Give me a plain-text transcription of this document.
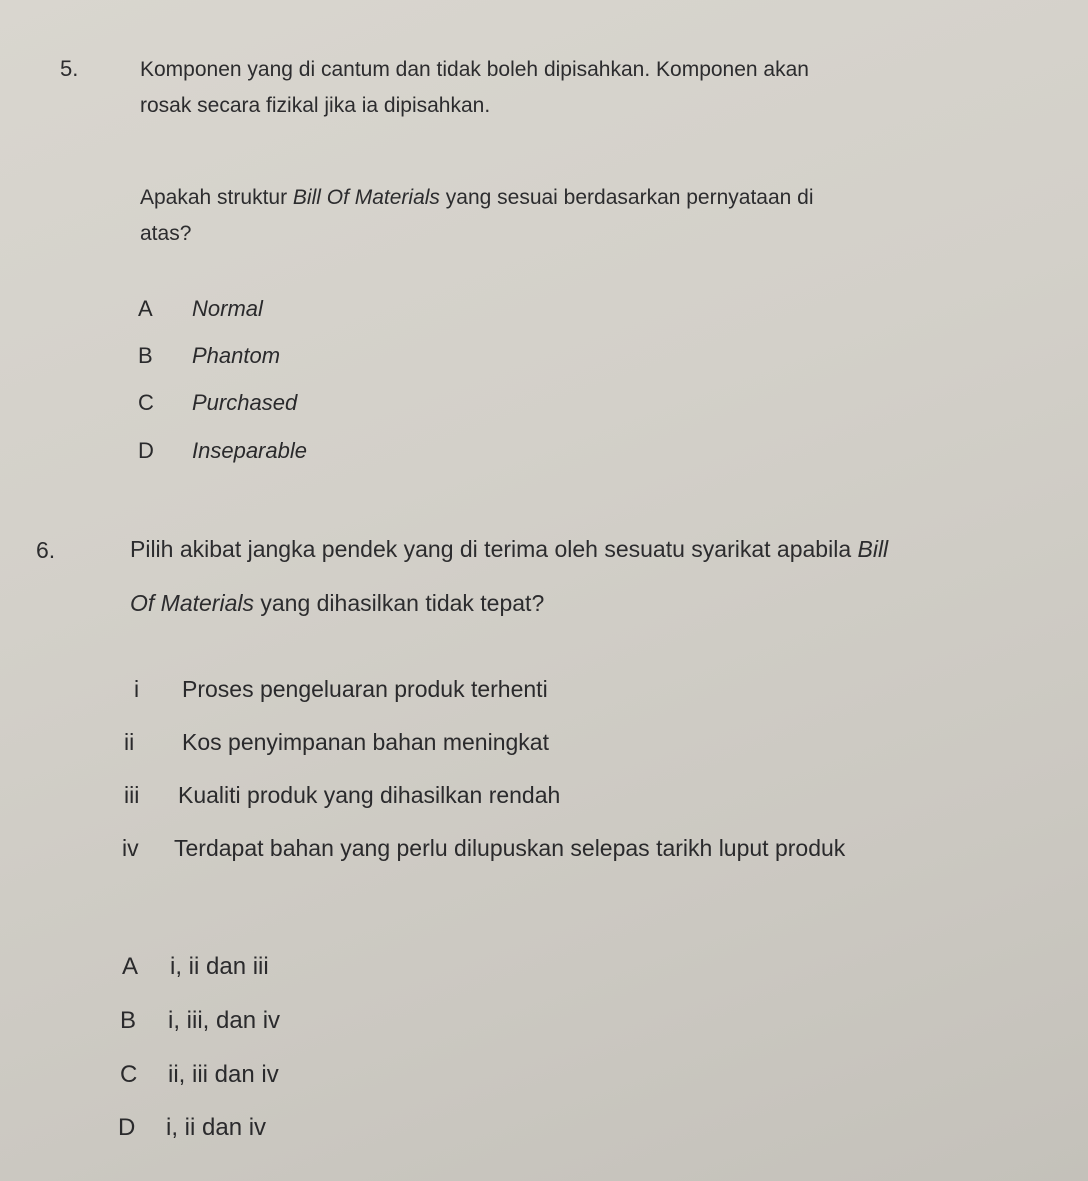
5.	Komponen yang di cantum dan tidak boleh dipisahkan. Komponen akan
rosak secara fizikal jika ia dipisahkan.

Apakah struktur Bill Of Materials yang sesuai berdasarkan pernyataan di
atas?

A	Normal
B	Phantom
C	Purchased
D	Inseparable
6.	Pilih akibat jangka pendek yang di terima oleh sesuatu syarikat apabila Bill
Of Materials yang dihasilkan tidak tepat?

i	Proses pengeluaran produk terhenti
ii	Kos penyimpanan bahan meningkat
iii	Kualiti produk yang dihasilkan rendah
iv	Terdapat bahan yang perlu dilupuskan selepas tarikh luput produk
A	i, ii dan iii
B	i, iii, dan iv
C	ii, iii dan iv
D	i, ii dan iv
